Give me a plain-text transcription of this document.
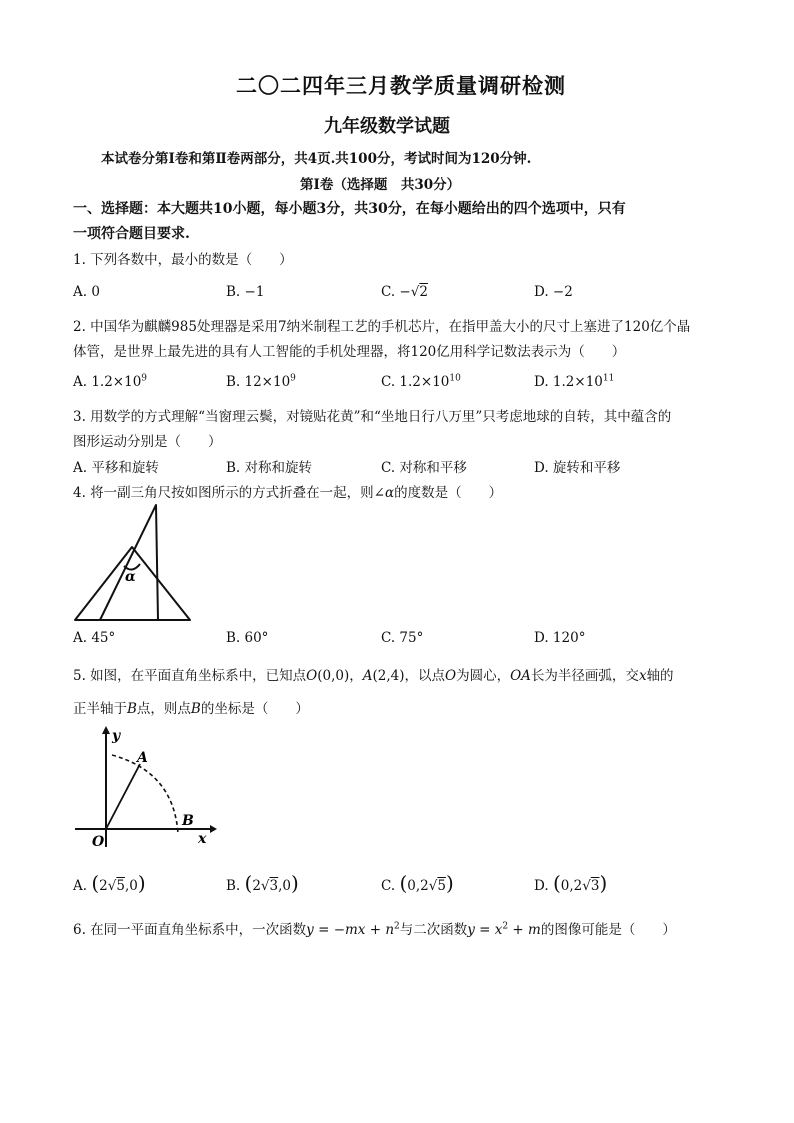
二〇二四年三月教学质量调研检测
九年级数学试题
本试卷分第Ⅰ卷和第Ⅱ卷两部分，共4页.共100分，考试时间为120分钟.
第Ⅰ卷（选择题　共30分）
一、选择题：本大题共10小题，每小题3分，共30分，在每小题给出的四个选项中，只有
一项符合题目要求.
1. 下列各数中，最小的数是（　　）
A. 0	B. −1	C. −√2	D. −2
2. 中国华为麒麟985处理器是采用7纳米制程工艺的手机芯片，在指甲盖大小的尺寸上塞进了120亿个晶
体管，是世界上最先进的具有人工智能的手机处理器，将120亿用科学记数法表示为（　　）
A. $1.2\times 10^9$	B. $12\times 10^9$	C. $1.2\times 10^{10}$	D. $1.2\times 10^{11}$
3. 用数学的方式理解“当窗理云鬓，对镜贴花黄”和“坐地日行八万里”只考虑地球的自转，其中蕴含的
图形运动分别是（　　）
A. 平移和旋转	B. 对称和旋转	C. 对称和平移	D. 旋转和平移
4. 将一副三角尺按如图所示的方式折叠在一起，则∠α的度数是（　　）
α
A. 45°	B. 60°	C. 75°	D. 120°
5. 如图，在平面直角坐标系中，已知点O(0,0)，A(2,4)，以点O为圆心，OA长为半径画弧，交x轴的
正半轴于B点，则点B的坐标是（　　）
y
A
B
O	x
A. (2√5,0)	B. (2√3,0)	C. (0,2√5)	D. (0,2√3)
6. 在同一平面直角坐标系中，一次函数$y = -mx + n^2$与二次函数$y = x^2 + m$的图像可能是（　　）
